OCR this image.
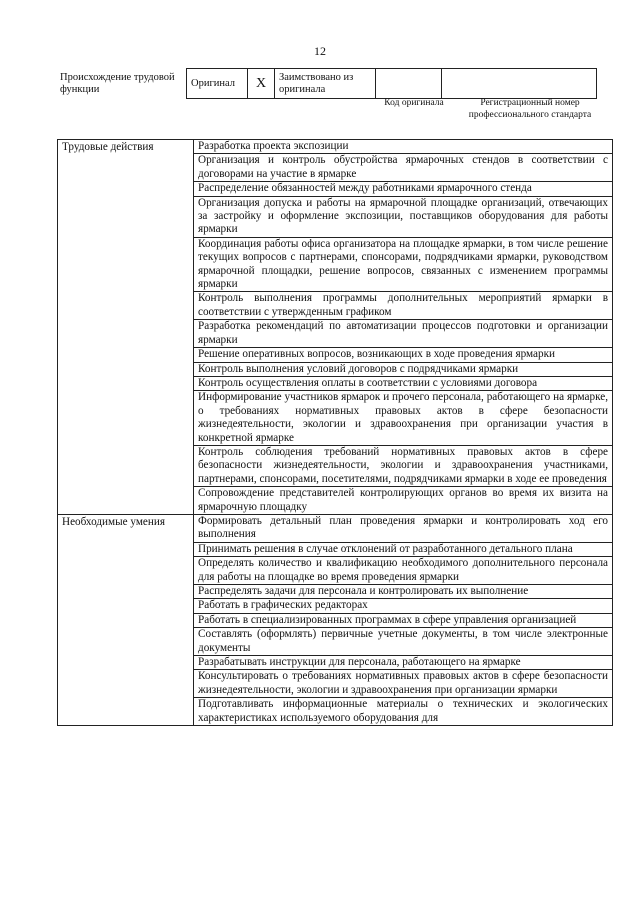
12
Происхождение трудовой функции	Оригинал	X	Заимствовано из оригинала		
Код оригинала	Регистрационный номер профессионального стандарта
Трудовые действия	Разработка проекта экспозиции
	Организация и контроль обустройства ярмарочных стендов в соответствии с договорами на участие в ярмарке
	Распределение обязанностей между работниками ярмарочного стенда
	Организация допуска и работы на ярмарочной площадке организаций, отвечающих за застройку и оформление экспозиции, поставщиков оборудования для работы ярмарки
	Координация работы офиса организатора на площадке ярмарки, в том числе решение текущих вопросов с партнерами, спонсорами, подрядчиками ярмарки, руководством ярмарочной площадки, решение вопросов, связанных с изменением программы ярмарки
	Контроль выполнения программы дополнительных мероприятий ярмарки в соответствии с утвержденным графиком
	Разработка рекомендаций по автоматизации процессов подготовки и организации ярмарки
	Решение оперативных вопросов, возникающих в ходе проведения ярмарки
	Контроль выполнения условий договоров с подрядчиками ярмарки
	Контроль осуществления оплаты в соответствии с условиями договора
	Информирование участников ярмарок и прочего персонала, работающего на ярмарке, о требованиях нормативных правовых актов в сфере безопасности жизнедеятельности, экологии и здравоохранения при организации участия в конкретной ярмарке
	Контроль соблюдения требований нормативных правовых актов в сфере безопасности жизнедеятельности, экологии и здравоохранения участниками, партнерами, спонсорами, посетителями, подрядчиками ярмарки в ходе ее проведения
	Сопровождение представителей контролирующих органов во время их визита на ярмарочную площадку
Необходимые умения	Формировать детальный план проведения ярмарки и контролировать ход его выполнения
	Принимать решения в случае отклонений от разработанного детального плана
	Определять количество и квалификацию необходимого дополнительного персонала для работы на площадке во время проведения ярмарки
	Распределять задачи для персонала и контролировать их выполнение
	Работать в графических редакторах
	Работать в специализированных программах в сфере управления организацией
	Составлять (оформлять) первичные учетные документы, в том числе электронные документы
	Разрабатывать инструкции для персонала, работающего на ярмарке
	Консультировать о требованиях нормативных правовых актов в сфере безопасности жизнедеятельности, экологии и здравоохранения при организации ярмарки
	Подготавливать информационные материалы о технических и экологических характеристиках используемого оборудования для
